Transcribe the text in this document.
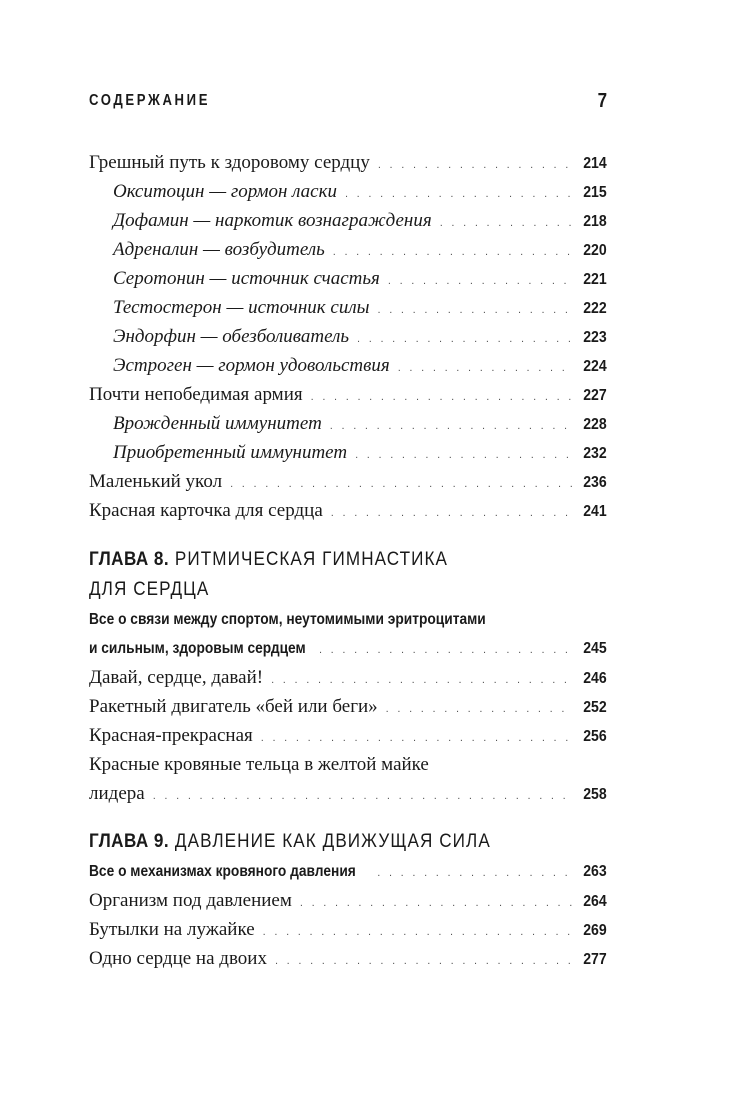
СОДЕРЖАНИЕ	7
Грешный путь к здоровому сердцу . . .	214
Окситоцин — гормон ласки . . .	215
Дофамин — наркотик вознаграждения . . .	218
Адреналин — возбудитель . . .	220
Серотонин — источник счастья . . .	221
Тестостерон — источник силы . . .	222
Эндорфин — обезболиватель . . .	223
Эстроген — гормон удовольствия . . .	224
Почти непобедимая армия . . .	227
Врожденный иммунитет . . .	228
Приобретенный иммунитет . . .	232
Маленький укол . . .	236
Красная карточка для сердца . . .	241
ГЛАВА 8. РИТМИЧЕСКАЯ ГИМНАСТИКА
ДЛЯ СЕРДЦА
Все о связи между спортом, неутомимыми эритроцитами
и сильным, здоровым сердцем . . .	245
Давай, сердце, давай! . . .	246
Ракетный двигатель «бей или беги» . . .	252
Красная-прекрасная . . .	256
Красные кровяные тельца в желтой майке
лидера . . .	258
ГЛАВА 9. ДАВЛЕНИЕ КАК ДВИЖУЩАЯ СИЛА
Все о механизмах кровяного давления . . .	263
Организм под давлением . . .	264
Бутылки на лужайке . . .	269
Одно сердце на двоих . . .	277
